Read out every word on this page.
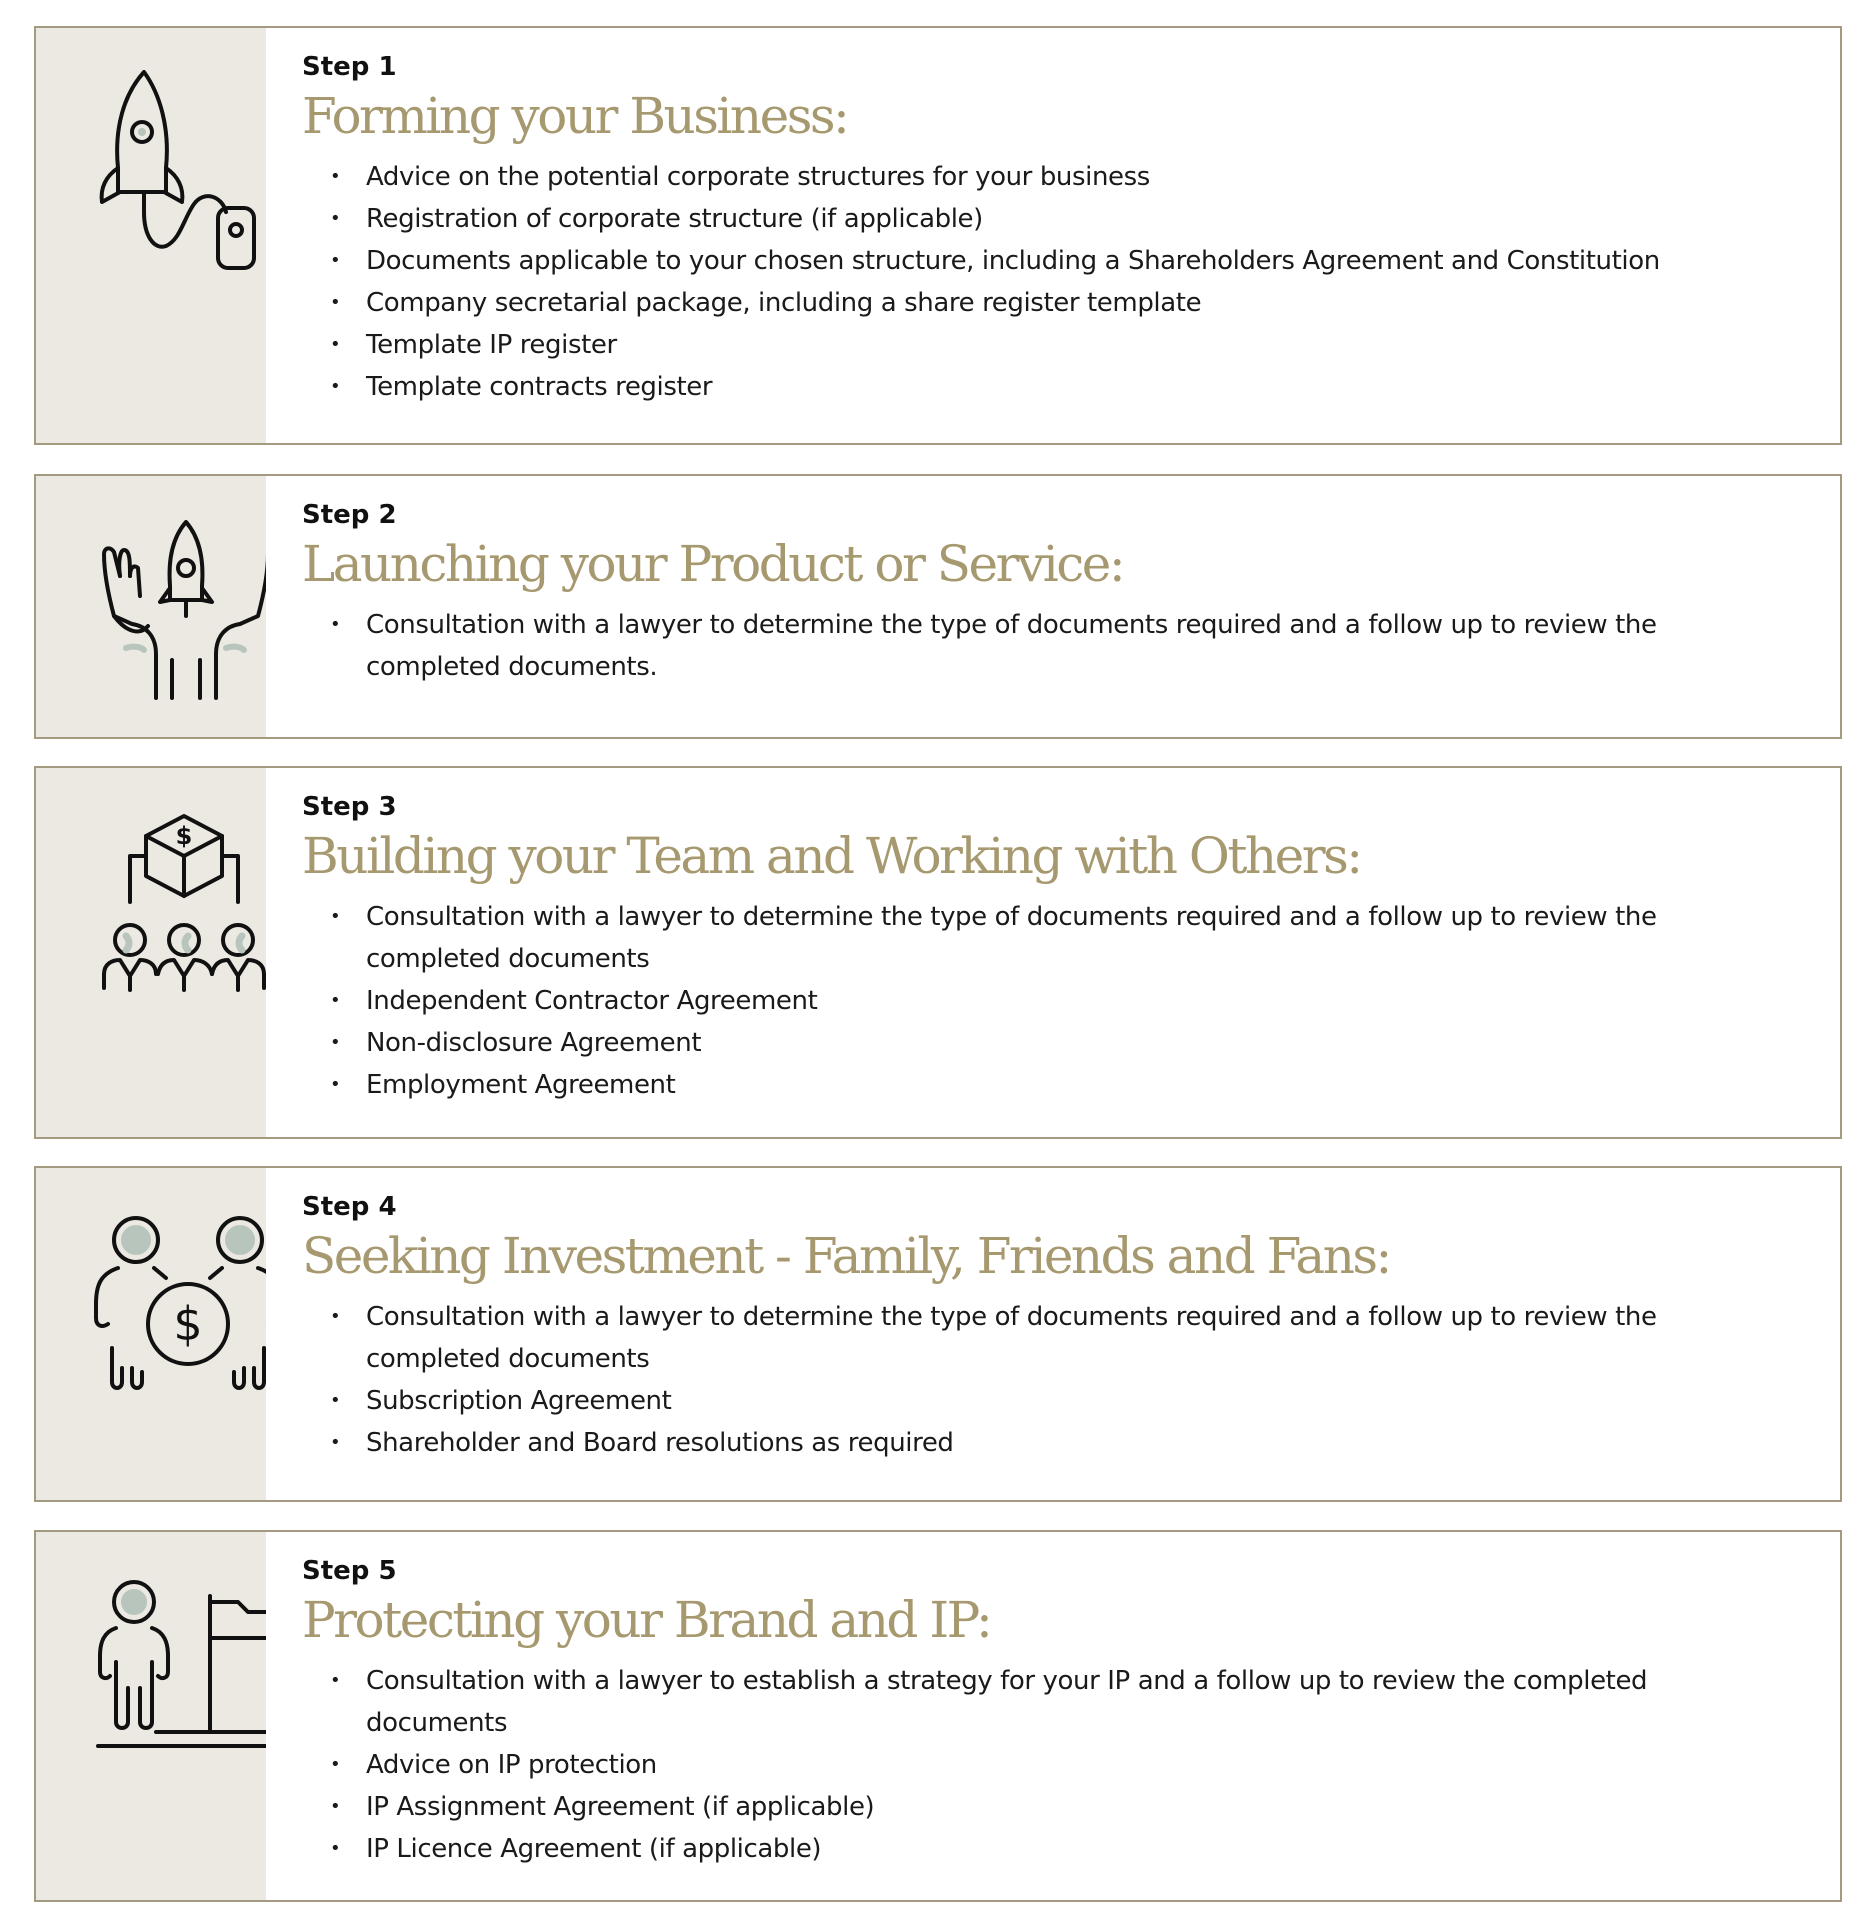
Step 1
Forming your Business:
• Advice on the potential corporate structures for your business
• Registration of corporate structure (if applicable)
• Documents applicable to your chosen structure, including a Shareholders Agreement and Constitution
• Company secretarial package, including a share register template
• Template IP register
• Template contracts register
Step 2
Launching your Product or Service:
• Consultation with a lawyer to determine the type of documents required and a follow up to review the completed documents.
$
Step 3
Building your Team and Working with Others:
• Consultation with a lawyer to determine the type of documents required and a follow up to review the completed documents
• Independent Contractor Agreement
• Non-disclosure Agreement
• Employment Agreement
$
Step 4
Seeking Investment - Family, Friends and Fans:
• Consultation with a lawyer to determine the type of documents required and a follow up to review the completed documents
• Subscription Agreement
• Shareholder and Board resolutions as required
Step 5
Protecting your Brand and IP:
• Consultation with a lawyer to establish a strategy for your IP and a follow up to review the completed documents
• Advice on IP protection
• IP Assignment Agreement (if applicable)
• IP Licence Agreement (if applicable)
